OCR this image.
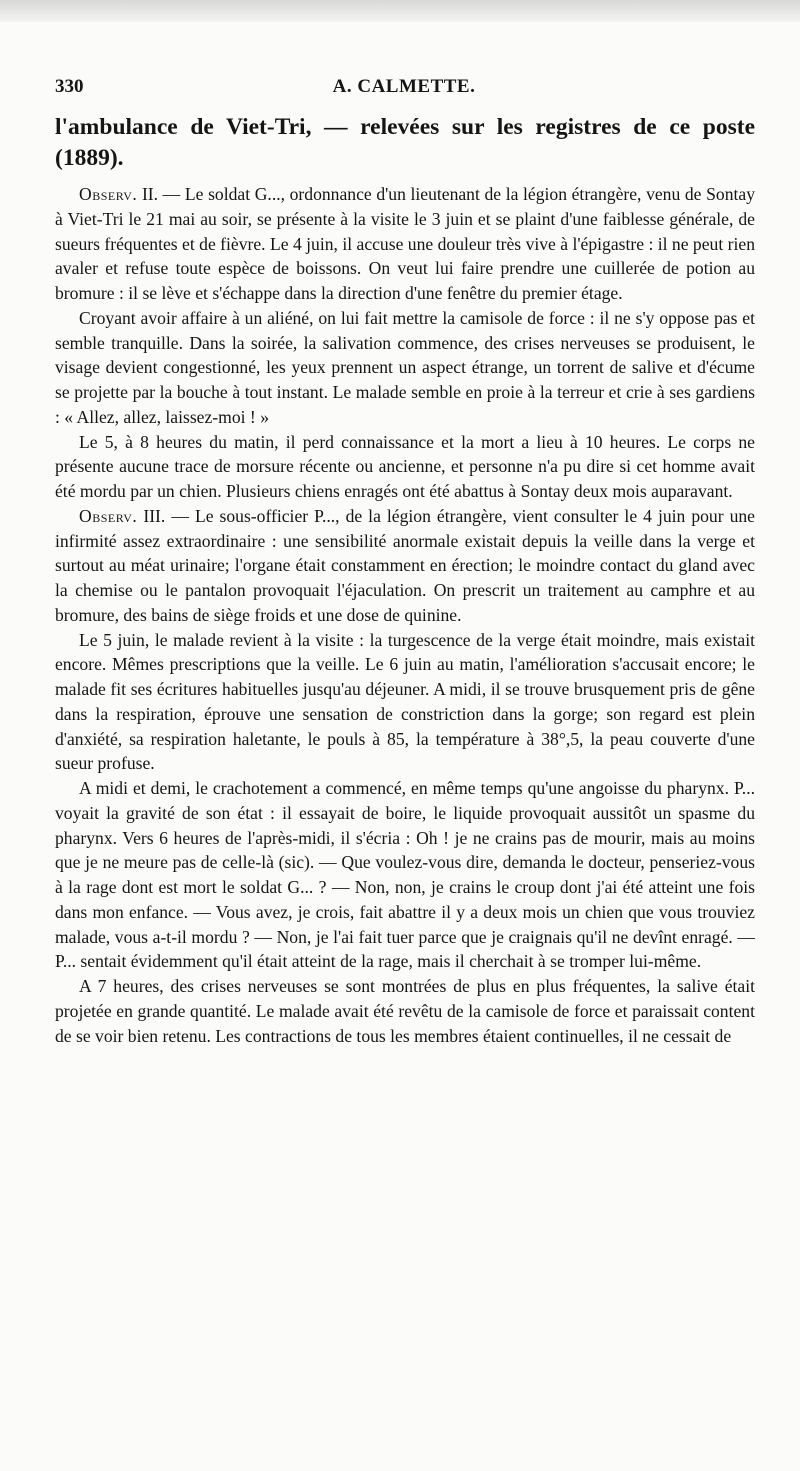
330	A. CALMETTE.
l'ambulance de Viet-Tri, — relevées sur les registres de ce poste (1889).

Observ. II. — Le soldat G..., ordonnance d'un lieutenant de la légion étrangère, venu de Sontay à Viet-Tri le 21 mai au soir, se présente à la visite le 3 juin et se plaint d'une faiblesse générale, de sueurs fréquentes et de fièvre. Le 4 juin, il accuse une douleur très vive à l'épigastre : il ne peut rien avaler et refuse toute espèce de boissons. On veut lui faire prendre une cuillerée de potion au bromure : il se lève et s'échappe dans la direction d'une fenêtre du premier étage.

Croyant avoir affaire à un aliéné, on lui fait mettre la camisole de force : il ne s'y oppose pas et semble tranquille. Dans la soirée, la salivation commence, des crises nerveuses se produisent, le visage devient congestionné, les yeux prennent un aspect étrange, un torrent de salive et d'écume se projette par la bouche à tout instant. Le malade semble en proie à la terreur et crie à ses gardiens : « Allez, allez, laissez-moi ! »

Le 5, à 8 heures du matin, il perd connaissance et la mort a lieu à 10 heures. Le corps ne présente aucune trace de morsure récente ou ancienne, et personne n'a pu dire si cet homme avait été mordu par un chien. Plusieurs chiens enragés ont été abattus à Sontay deux mois auparavant.

Observ. III. — Le sous-officier P..., de la légion étrangère, vient consulter le 4 juin pour une infirmité assez extraordinaire : une sensibilité anormale existait depuis la veille dans la verge et surtout au méat urinaire; l'organe était constamment en érection; le moindre contact du gland avec la chemise ou le pantalon provoquait l'éjaculation. On prescrit un traitement au camphre et au bromure, des bains de siège froids et une dose de quinine.

Le 5 juin, le malade revient à la visite : la turgescence de la verge était moindre, mais existait encore. Mêmes prescriptions que la veille. Le 6 juin au matin, l'amélioration s'accusait encore; le malade fit ses écritures habituelles jusqu'au déjeuner. A midi, il se trouve brusquement pris de gêne dans la respiration, éprouve une sensation de constriction dans la gorge; son regard est plein d'anxiété, sa respiration haletante, le pouls à 85, la température à 38°,5, la peau couverte d'une sueur profuse.

A midi et demi, le crachotement a commencé, en même temps qu'une angoisse du pharynx. P... voyait la gravité de son état : il essayait de boire, le liquide provoquait aussitôt un spasme du pharynx. Vers 6 heures de l'après-midi, il s'écria : Oh ! je ne crains pas de mourir, mais au moins que je ne meure pas de celle-là (sic). — Que voulez-vous dire, demanda le docteur, penseriez-vous à la rage dont est mort le soldat G... ? — Non, non, je crains le croup dont j'ai été atteint une fois dans mon enfance. — Vous avez, je crois, fait abattre il y a deux mois un chien que vous trouviez malade, vous a-t-il mordu ? — Non, je l'ai fait tuer parce que je craignais qu'il ne devînt enragé. — P... sentait évidemment qu'il était atteint de la rage, mais il cherchait à se tromper lui-même.

A 7 heures, des crises nerveuses se sont montrées de plus en plus fréquentes, la salive était projetée en grande quantité. Le malade avait été revêtu de la camisole de force et paraissait content de se voir bien retenu. Les contractions de tous les membres étaient continuelles, il ne cessait de
